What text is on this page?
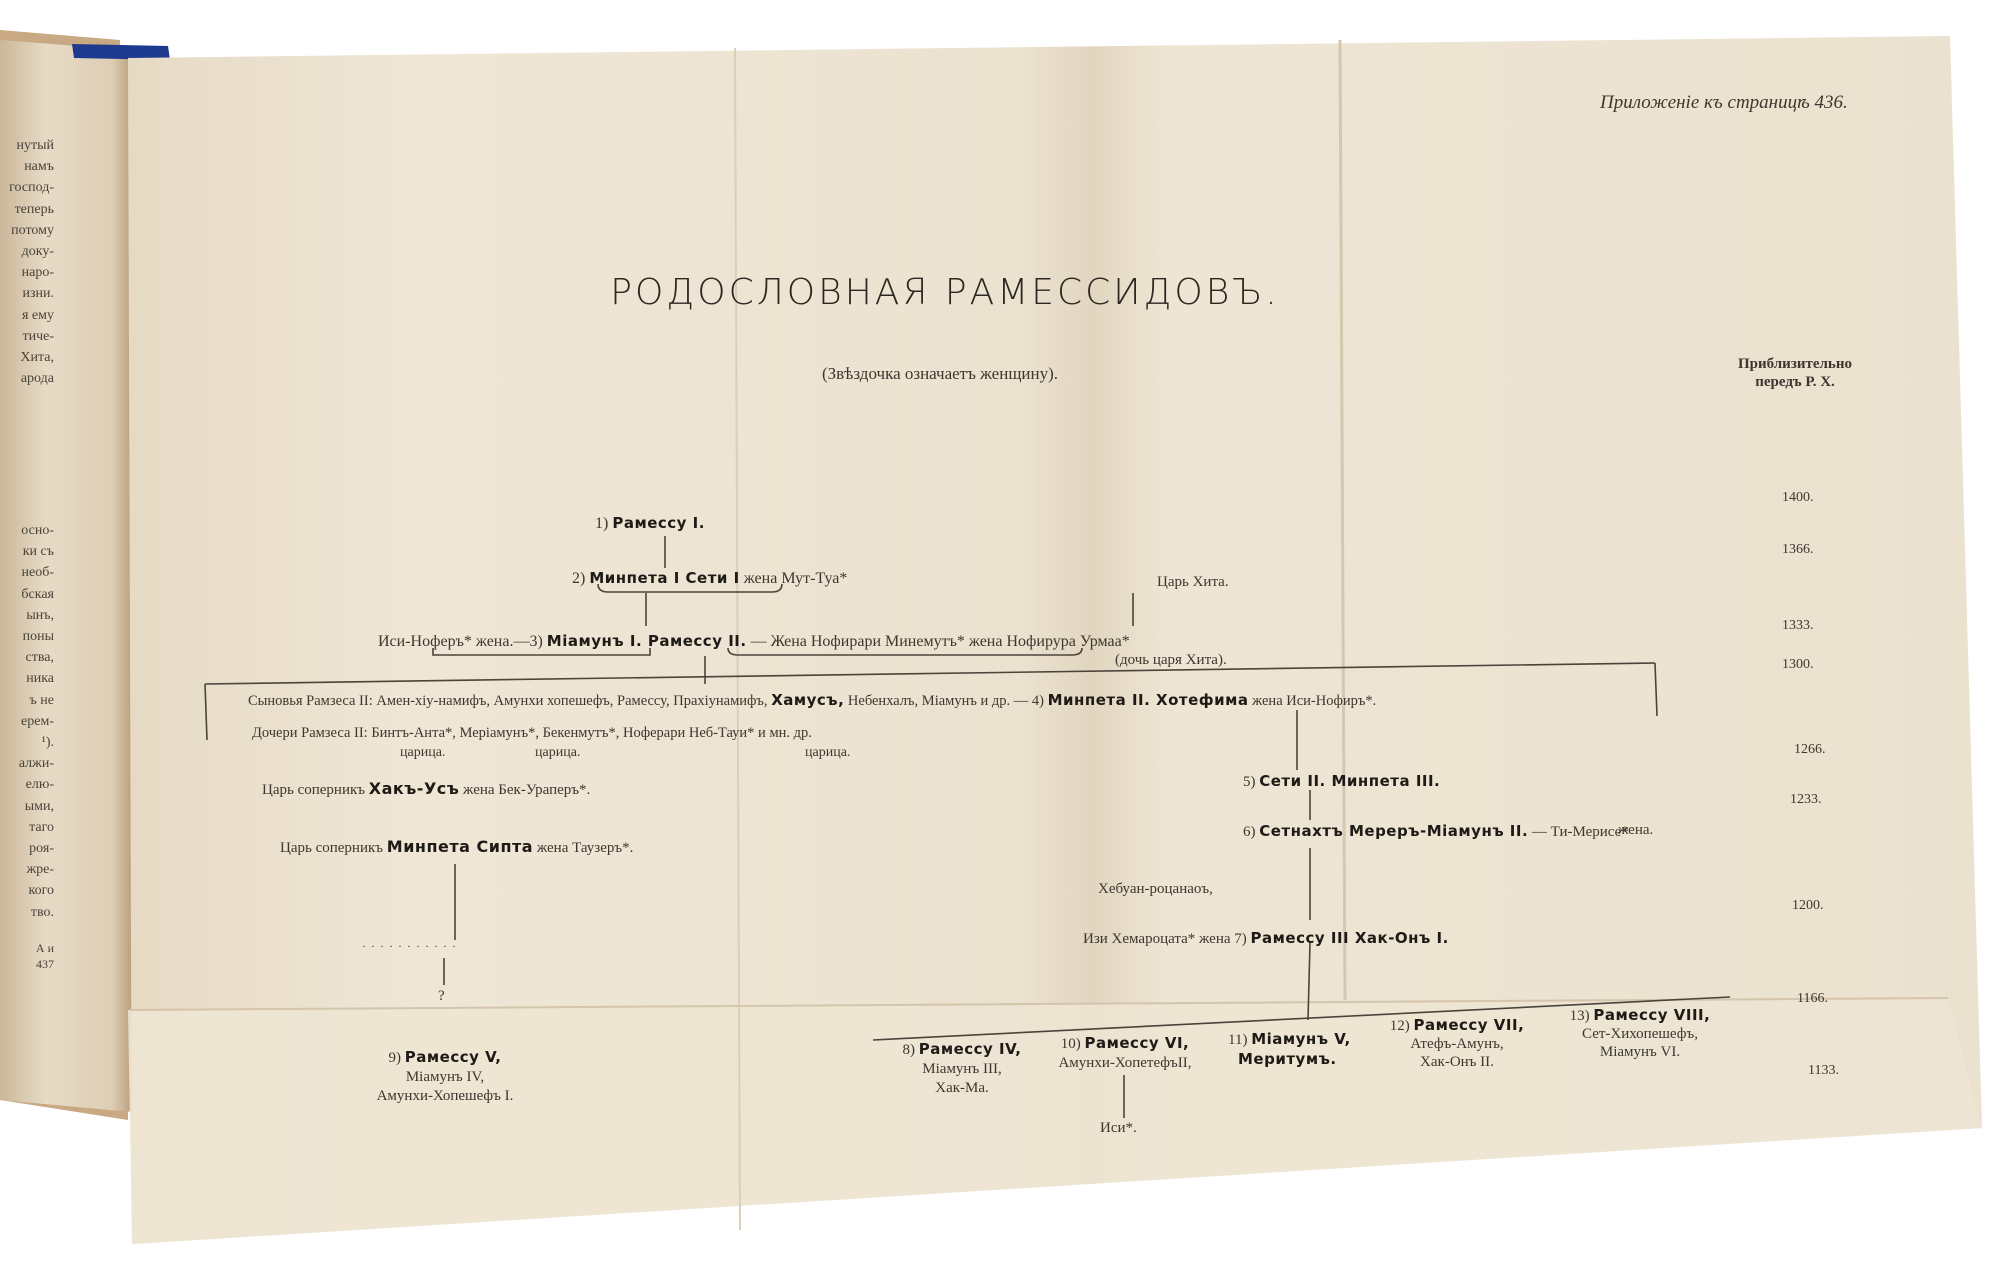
нутый
намъ
господ-
теперь
потому
доку-
наро-
изни.
я ему
тиче-
Хита,
арода
осно-
ки съ
необ-
бская
ынъ,
поны
ства,
ника
ъ не
ерем-
¹).
алжи-
елю-
ыми,
таго
роя-
жре-
кого
тво.
А и
437
Приложеніе къ страницѣ 436.
РОДОСЛОВНАЯ РАМЕССИДОВЪ.
(Звѣздочка означаетъ женщину).	Приблизительно
передъ Р. Х.
1400.
1366.
1333.
1300.
1266.
1233.
1200.
1166.
1133.
1) Рамессу I.
2) Минпета I Сети I жена Мут-Туа*	Царь Хита.
Иси-Ноферъ* жена.—3) Міамунъ I. Рамессу II. — Жена Нофирари Минемутъ* жена Нофирура Урмаа*
(дочь царя Хита).
Сыновья Рамзеса II: Амен-хіу-намифъ, Амунхи хопешефъ, Рамессу, Прахіунамифъ, Хамусъ, Небенхалъ, Міамунъ и др. — 4) Минпета II. Хотефима жена Иси-Нофиръ*.
Дочери Рамзеса II: Бинтъ-Анта*, Меріамунъ*, Бекенмутъ*, Ноферари Неб-Тауи* и мн. др.
царица.	царица.	царица.
Царь соперникъ Хакъ-Усъ жена Бек-Ураперъ*.
Царь соперникъ Минпета Сипта жена Таузеръ*.
· · · · · · · · · · ·
?
5) Сети II. Минпета III.
6) Сетнахтъ Мереръ-Міамунъ II. — Ти-Мерисе*
жена.
Хебуан-роцанаоъ,
Изи Хемароцата* жена 7) Рамессу III Хак-Онъ I.
9) Рамессу V,
Міамунъ IV,
Амунхи-Хопешефъ I.
8) Рамессу IV,
Міамунъ III,
Хак-Ма.
10) Рамессу VI,
Амунхи-ХопетефъII,
Иси*.
11) Міамунъ V,
Меритумъ.
12) Рамессу VII,
Атефъ-Амунъ,
Хак-Онъ II.
13) Рамессу VIII,
Сет-Хихопешефъ,
Міамунъ VI.
